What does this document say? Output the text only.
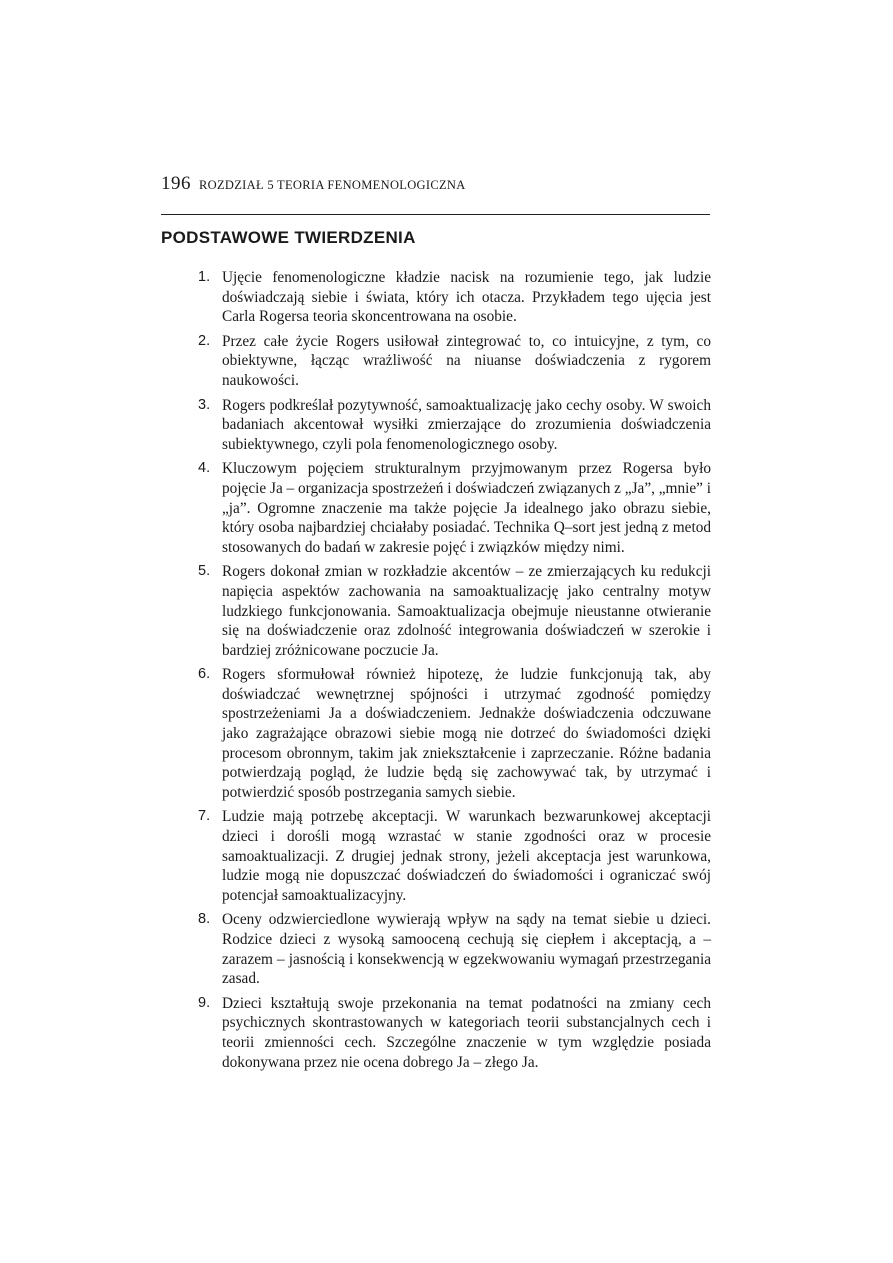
196 ROZDZIAŁ 5 TEORIA FENOMENOLOGICZNA
PODSTAWOWE TWIERDZENIA
1. Ujęcie fenomenologiczne kładzie nacisk na rozumienie tego, jak ludzie doświadczają siebie i świata, który ich otacza. Przykładem tego ujęcia jest Carla Rogersa teoria skoncentrowana na osobie.
2. Przez całe życie Rogers usiłował zintegrować to, co intuicyjne, z tym, co obiektywne, łącząc wrażliwość na niuanse doświadczenia z rygorem naukowości.
3. Rogers podkreślał pozytywność, samoaktualizację jako cechy osoby. W swoich badaniach akcentował wysiłki zmierzające do zrozumienia doświadczenia subiektywnego, czyli pola fenomenologicznego osoby.
4. Kluczowym pojęciem strukturalnym przyjmowanym przez Rogersa było pojęcie Ja – organizacja spostrzeżeń i doświadczeń związanych z „Ja”, „mnie” i „ja”. Ogromne znaczenie ma także pojęcie Ja idealnego jako obrazu siebie, który osoba najbardziej chciałaby posiadać. Technika Q–sort jest jedną z metod stosowanych do badań w zakresie pojęć i związków między nimi.
5. Rogers dokonał zmian w rozkładzie akcentów – ze zmierzających ku redukcji napięcia aspektów zachowania na samoaktualizację jako centralny motyw ludzkiego funkcjonowania. Samoaktualizacja obejmuje nieustanne otwieranie się na doświadczenie oraz zdolność integrowania doświadczeń w szerokie i bardziej zróżnicowane poczucie Ja.
6. Rogers sformułował również hipotezę, że ludzie funkcjonują tak, aby doświadczać wewnętrznej spójności i utrzymać zgodność pomiędzy spostrzeżeniami Ja a doświadczeniem. Jednakże doświadczenia odczuwane jako zagrażające obrazowi siebie mogą nie dotrzeć do świadomości dzięki procesom obronnym, takim jak zniekształcenie i zaprzeczanie. Różne badania potwierdzają pogląd, że ludzie będą się zachowywać tak, by utrzymać i potwierdzić sposób postrzegania samych siebie.
7. Ludzie mają potrzebę akceptacji. W warunkach bezwarunkowej akceptacji dzieci i dorośli mogą wzrastać w stanie zgodności oraz w procesie samoaktualizacji. Z drugiej jednak strony, jeżeli akceptacja jest warunkowa, ludzie mogą nie dopuszczać doświadczeń do świadomości i ograniczać swój potencjał samoaktualizacyjny.
8. Oceny odzwierciedlone wywierają wpływ na sądy na temat siebie u dzieci. Rodzice dzieci z wysoką samooceną cechują się ciepłem i akceptacją, a – zarazem – jasnością i konsekwencją w egzekwowaniu wymagań przestrzegania zasad.
9. Dzieci kształtują swoje przekonania na temat podatności na zmiany cech psychicznych skontrastowanych w kategoriach teorii substancjalnych cech i teorii zmienności cech. Szczególne znaczenie w tym względzie posiada dokonywana przez nie ocena dobrego Ja – złego Ja.
